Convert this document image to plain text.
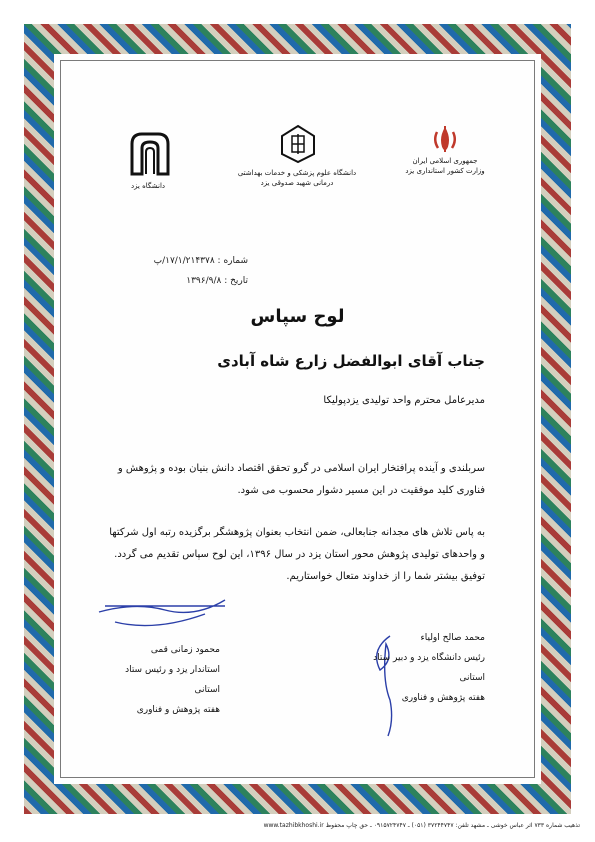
دانشگاه یزد
دانشگاه علوم پزشکی و خدمات بهداشتی درمانی شهید صدوقی یزد
جمهوری اسلامی ایران وزارت کشور استانداری یزد
شماره : ۱۷/۱/۲۱۴۳۷۸/پ
تاریخ : ۱۳۹۶/۹/۸
لوح سپاس
جناب آقای ابوالفضل زارع شاه آبادی
مدیرعامل محترم واحد تولیدی یزدپولیکا
سربلندی و آینده پرافتخار ایران اسلامی در گرو تحقق اقتصاد دانش بنیان بوده و پژوهش و فناوری کلید موفقیت در این مسیر دشوار محسوب می شود.
به پاس تلاش های مجدانه جنابعالی، ضمن انتخاب بعنوان پژوهشگر برگزیده رتبه اول شرکتها و واحدهای تولیدی پژوهش محور استان یزد در سال ۱۳۹۶، این لوح سپاس تقدیم می گردد. توفیق بیشتر شما را از خداوند متعال خواستاریم.
محمود زمانی قمی
استاندار یزد و رئیس ستاد استانی
هفته پژوهش و فناوری
محمد صالح اولیاء
رئیس دانشگاه یزد و دبیر ستاد استانی
هفته پژوهش و فناوری
تذهیب شماره ۷۳۳ اثر عباس خوشی ـ مشهد تلفن: ۳۷۲۴۴۷۴۷ (۰۵۱) ـ ۰۹۱۵۷۲۴۷۴۷ ـ حق چاپ محفوظ www.tazhibkhoshi.ir
